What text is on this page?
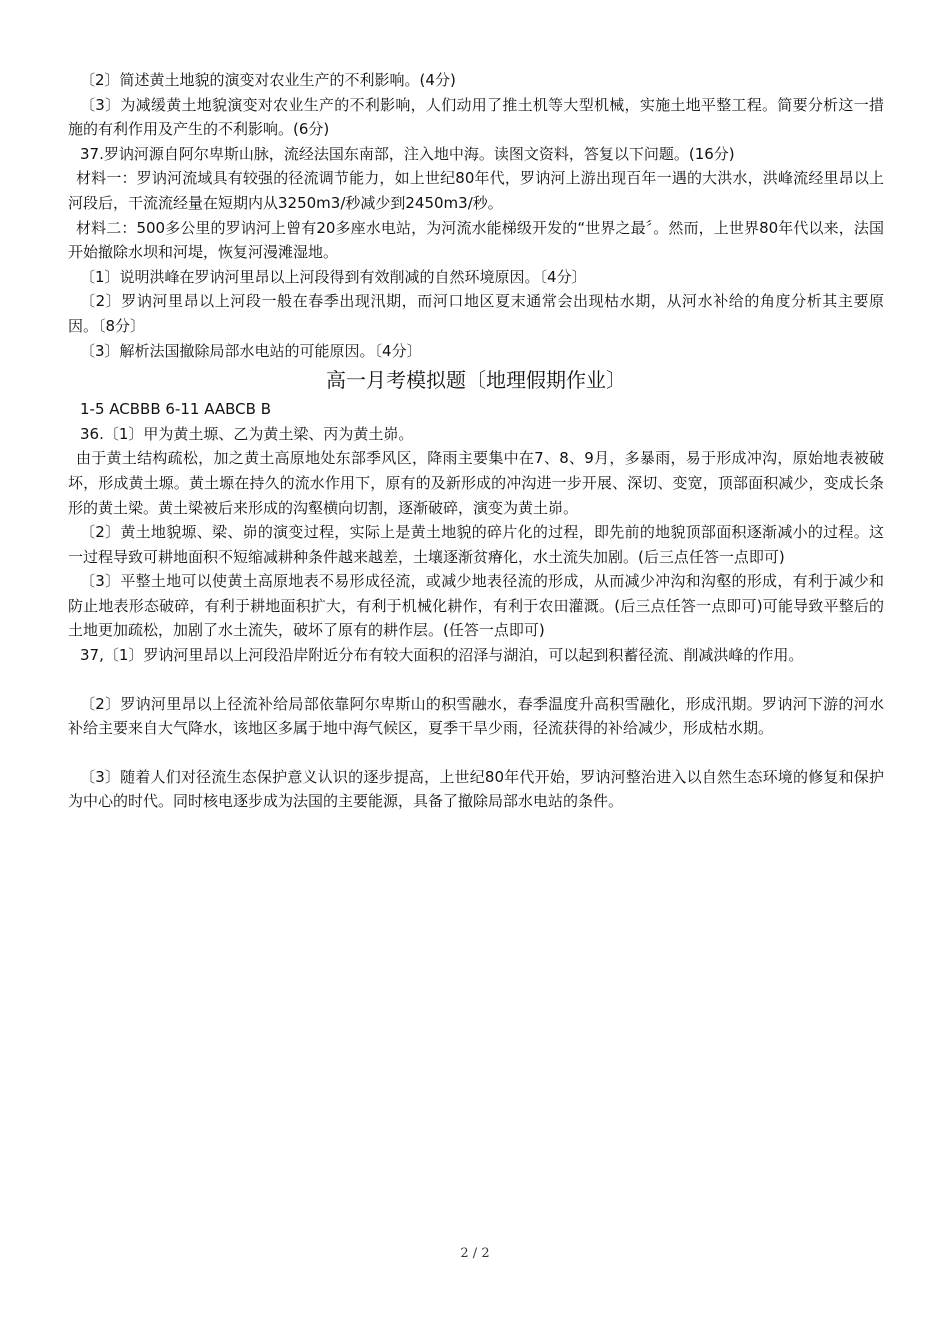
〔2〕简述黄土地貌的演变对农业生产的不利影响。(4分)
〔3〕为减缓黄土地貌演变对农业生产的不利影响，人们动用了推土机等大型机械，实施土地平整工程。简要分析这一措施的有利作用及产生的不利影响。(6分)
37.罗讷河源自阿尔卑斯山脉，流经法国东南部，注入地中海。读图文资料，答复以下问题。(16分)
材料一：罗讷河流域具有较强的径流调节能力，如上世纪80年代，罗讷河上游出现百年一遇的大洪水，洪峰流经里昂以上河段后，干流流经量在短期内从3250m3/秒减少到2450m3/秒。
材料二：500多公里的罗讷河上曾有20多座水电站，为河流水能梯级开发的“世界之最〞。然而，上世界80年代以来，法国开始撤除水坝和河堤，恢复河漫滩湿地。
〔1〕说明洪峰在罗讷河里昂以上河段得到有效削减的自然环境原因。〔4分〕
〔2〕罗讷河里昂以上河段一般在春季出现汛期，而河口地区夏末通常会出现枯水期，从河水补给的角度分析其主要原因。〔8分〕
〔3〕解析法国撤除局部水电站的可能原因。〔4分〕
高一月考模拟题〔地理假期作业〕
1-5 ACBBB 6-11 AABCB B
36.〔1〕甲为黄土塬、乙为黄土梁、丙为黄土峁。
由于黄土结构疏松，加之黄土高原地处东部季风区，降雨主要集中在7、8、9月，多暴雨，易于形成冲沟，原始地表被破坏，形成黄土塬。黄土塬在持久的流水作用下，原有的及新形成的冲沟进一步开展、深切、变宽，顶部面积减少，变成长条形的黄土梁。黄土梁被后来形成的沟壑横向切割，逐渐破碎，演变为黄土峁。
〔2〕黄土地貌塬、梁、峁的演变过程，实际上是黄土地貌的碎片化的过程，即先前的地貌顶部面积逐渐减小的过程。这一过程导致可耕地面积不短缩减耕种条件越来越差，土壤逐渐贫瘠化，水土流失加剧。(后三点任答一点即可)
〔3〕平整土地可以使黄土高原地表不易形成径流，或减少地表径流的形成，从而减少冲沟和沟壑的形成，有利于减少和防止地表形态破碎，有利于耕地面积扩大，有利于机械化耕作，有利于农田灌溉。(后三点任答一点即可)可能导致平整后的土地更加疏松，加剧了水土流失，破坏了原有的耕作层。(任答一点即可)
37,〔1〕罗讷河里昂以上河段沿岸附近分布有较大面积的沼泽与湖泊，可以起到积蓄径流、削减洪峰的作用。
〔2〕罗讷河里昂以上径流补给局部依靠阿尔卑斯山的积雪融水，春季温度升高积雪融化，形成汛期。罗讷河下游的河水补给主要来自大气降水，该地区多属于地中海气候区，夏季干旱少雨，径流获得的补给减少，形成枯水期。
〔3〕随着人们对径流生态保护意义认识的逐步提高，上世纪80年代开始，罗讷河整治进入以自然生态环境的修复和保护为中心的时代。同时核电逐步成为法国的主要能源，具备了撤除局部水电站的条件。
2 / 2
